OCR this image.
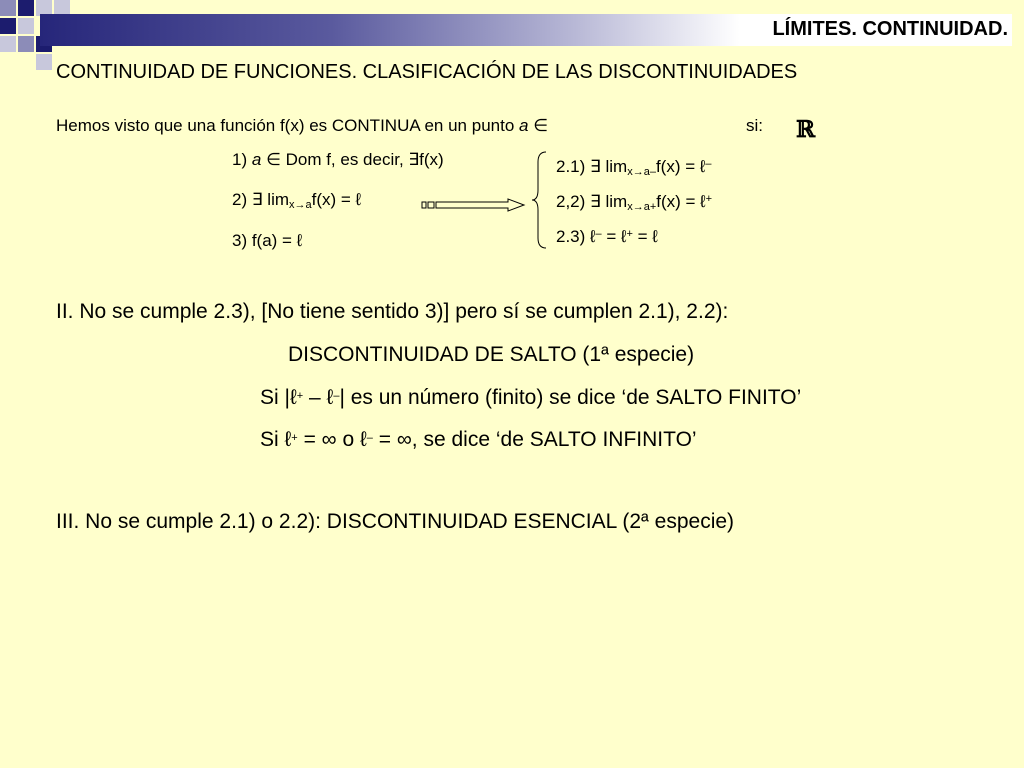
LÍMITES. CONTINUIDAD.
CONTINUIDAD DE FUNCIONES. CLASIFICACIÓN DE LAS DISCONTINUIDADES
Hemos visto que una función f(x) es CONTINUA en un punto a ∈	si: ℝ
1) a ∈ Dom f, es decir, ∃f(x)
2) ∃ $\lim_{x\to a}f(x)$ = ℓ
3) f(a) = ℓ
2.1) ∃ $\lim_{x\to a-}f(x)$ = ℓ–
2,2) ∃ $\lim_{x\to a+}f(x)$ = ℓ+
2.3) ℓ– = ℓ+ = ℓ
II. No se cumple 2.3), [No tiene sentido 3)] pero sí se cumplen 2.1), 2.2):
DISCONTINUIDAD DE SALTO (1ª especie)
Si |ℓ+ – ℓ–| es un número (finito) se dice ‘de SALTO FINITO’
Si ℓ+ = ∞ o ℓ– = ∞, se dice ‘de SALTO INFINITO’
III. No se cumple 2.1) o 2.2): DISCONTINUIDAD ESENCIAL (2ª especie)
